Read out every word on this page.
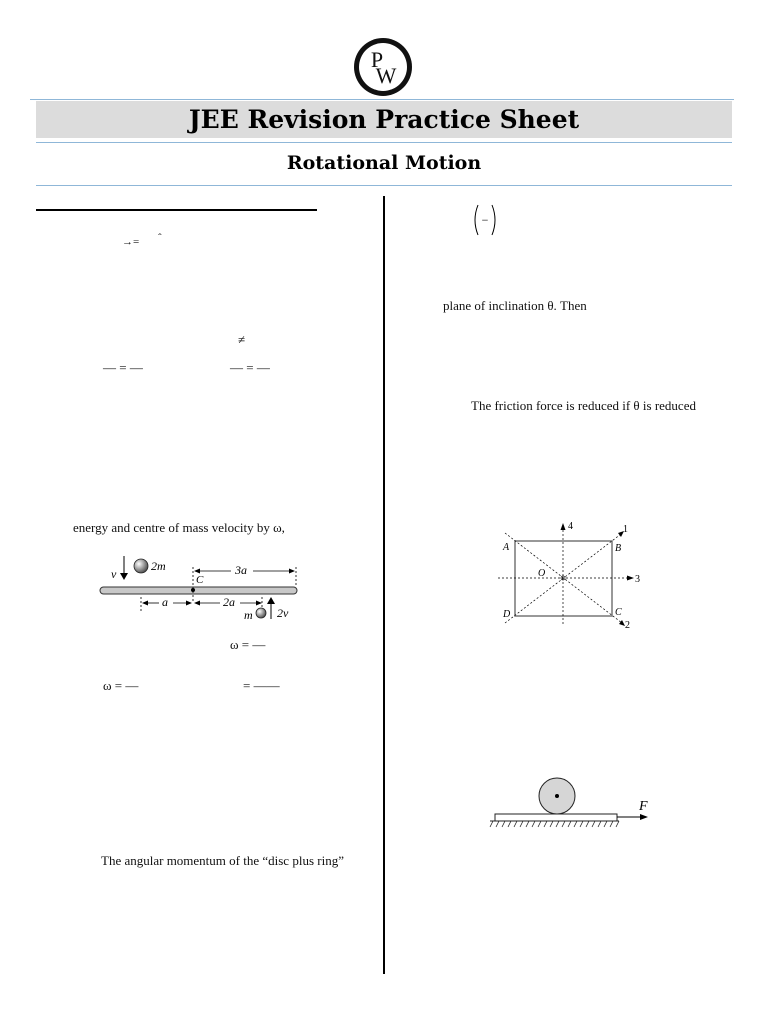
P
W
JEE Revision Practice Sheet
Rotational Motion
→= ˆ
≠
— = —	— = —
energy and centre of mass velocity by ω,
v
2m
C
3a
a	2a
m 2v
ω = —
ω = —	= ——
The angular momentum of the “disc plus ring”
−
plane of inclination θ. Then
The friction force is reduced if θ is reduced
4	1
A	B
O
3
D	C
2
F
